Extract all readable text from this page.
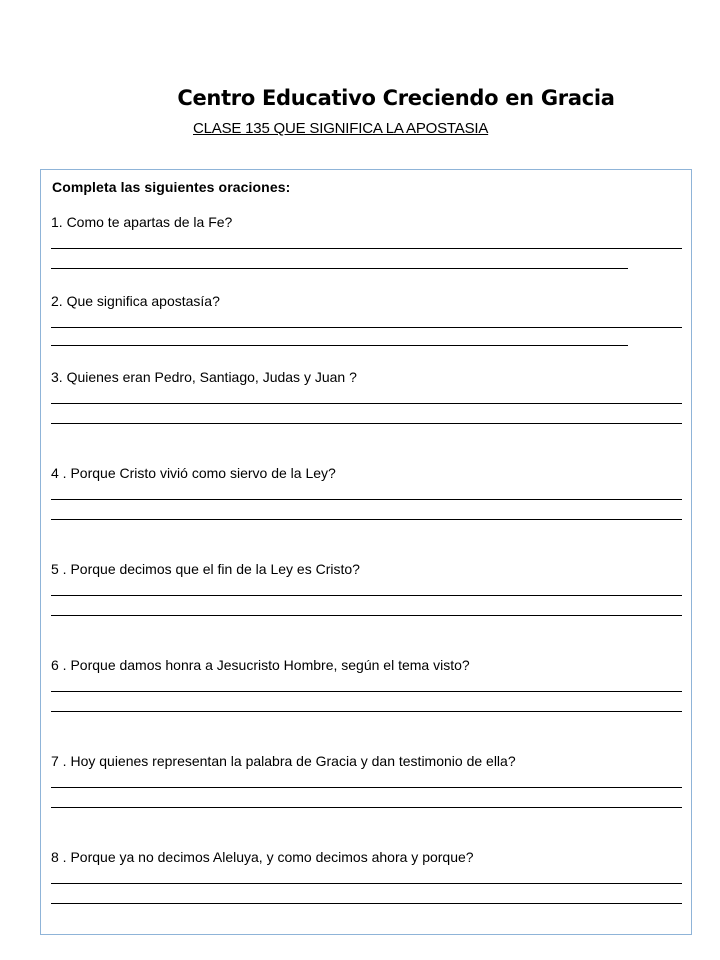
Centro Educativo Creciendo en Gracia
CLASE 135 QUE SIGNIFICA LA APOSTASIA
Completa las siguientes oraciones:
1. Como te apartas de la Fe?
2. Que significa apostasía?
3. Quienes eran Pedro, Santiago, Judas y Juan ?
4 . Porque Cristo vivió como siervo de la Ley?
5 . Porque decimos que el fin de la Ley es Cristo?
6 . Porque damos honra a Jesucristo Hombre, según el tema visto?
7 . Hoy quienes representan la palabra de Gracia y dan testimonio de ella?
8 . Porque ya no decimos Aleluya, y como decimos ahora y porque?
